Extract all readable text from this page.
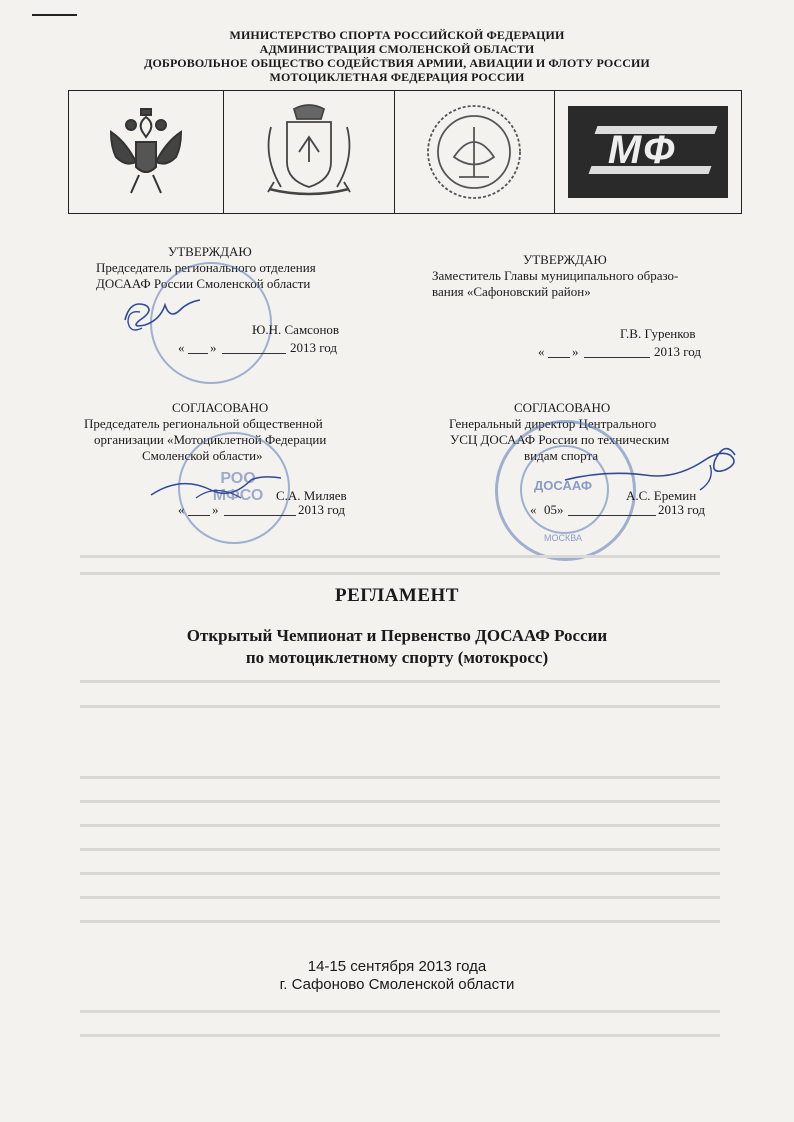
МИНИСТЕРСТВО СПОРТА РОССИЙСКОЙ ФЕДЕРАЦИИ
АДМИНИСТРАЦИЯ СМОЛЕНСКОЙ ОБЛАСТИ
ДОБРОВОЛЬНОЕ ОБЩЕСТВО СОДЕЙСТВИЯ АРМИИ, АВИАЦИИ И ФЛОТУ РОССИИ
МОТОЦИКЛЕТНАЯ ФЕДЕРАЦИЯ РОССИИ
МФ
УТВЕРЖДАЮ
Председатель регионального отделения
ДОСААФ России Смоленской области
Ю.Н. Самсонов
« »	2013 год
УТВЕРЖДАЮ
Заместитель Главы муниципального образо-
вания «Сафоновский район»
Г.В. Гуренков
« »	2013 год
СОГЛАСОВАНО
Председатель региональной общественной
организации «Мотоциклетной Федерации
Смоленской области»
РОО МФСО С.А. Миляев
« »	2013 год
СОГЛАСОВАНО
Генеральный директор Центрального
УСЦ ДОСААФ России по техническим
видам спорта
ДОСААФ
МОСКВА
А.С. Еремин
« 05»	2013 год
РЕГЛАМЕНТ
Открытый Чемпионат и Первенство ДОСААФ России
по мотоциклетному спорту (мотокросс)
14-15 сентября 2013 года
г. Сафоново Смоленской области
